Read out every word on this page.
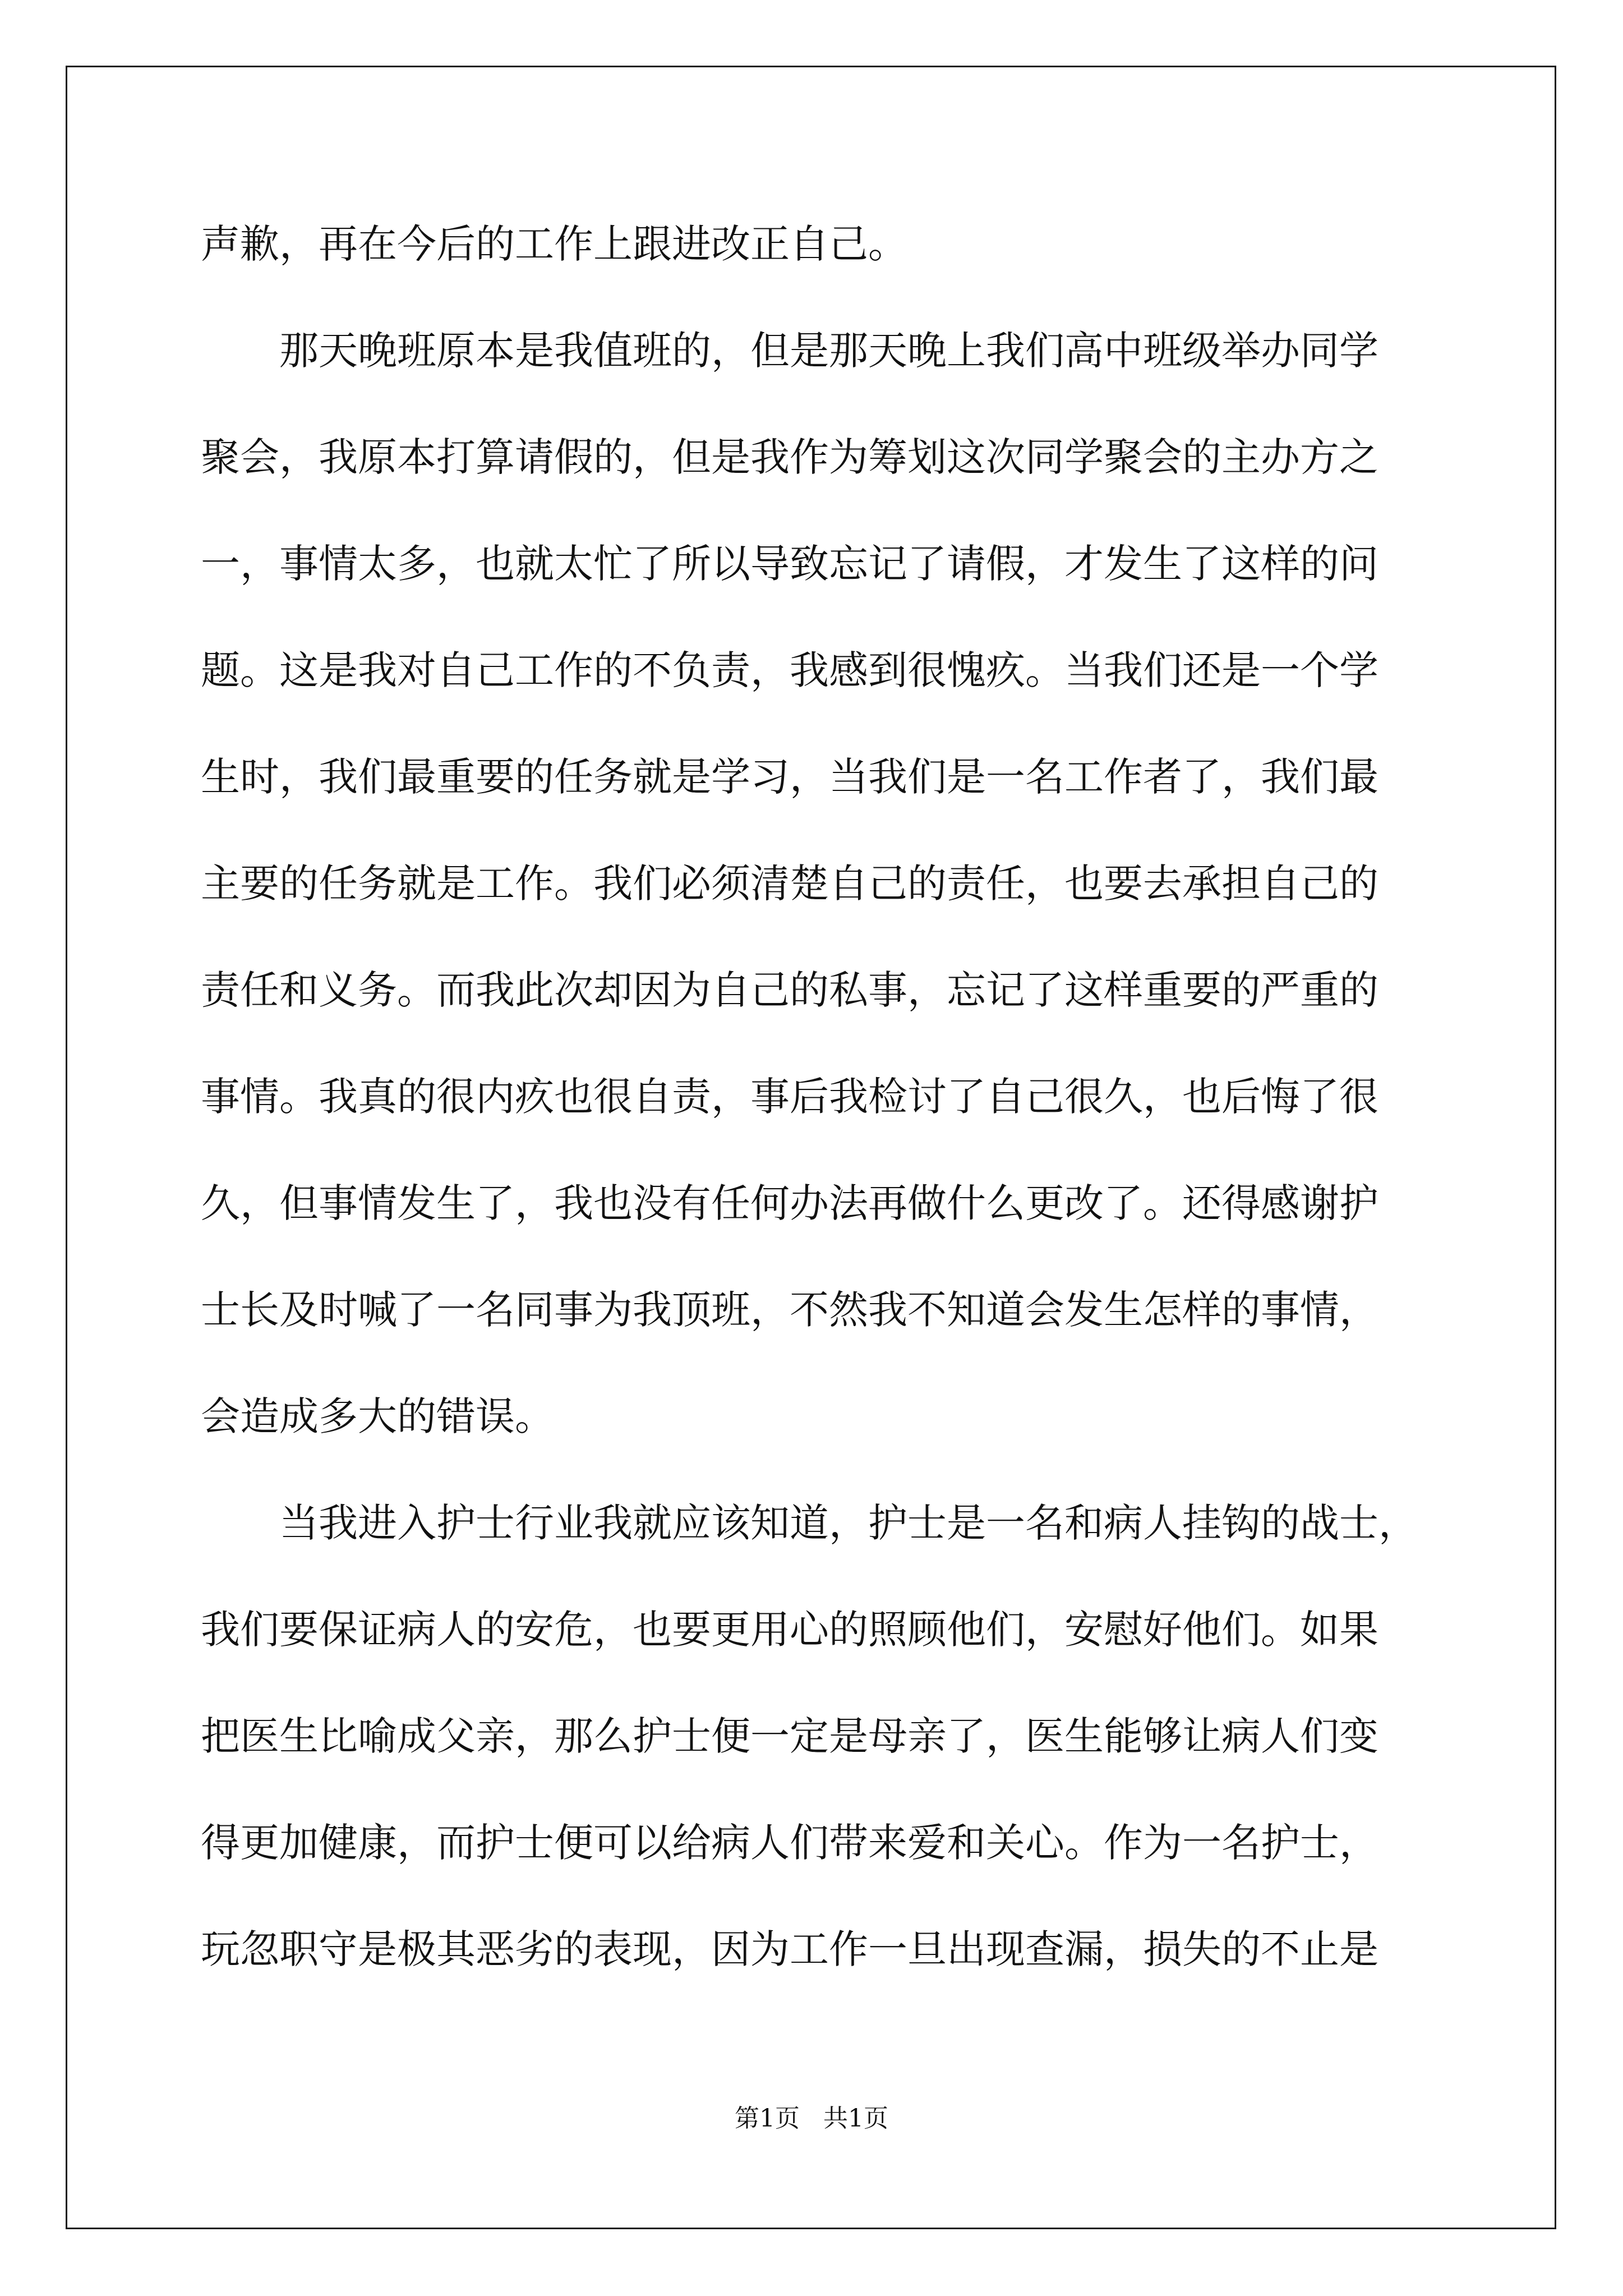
声歉，再在今后的工作上跟进改正自己。
　　那天晚班原本是我值班的，但是那天晚上我们高中班级举办同学
聚会，我原本打算请假的，但是我作为筹划这次同学聚会的主办方之
一，事情太多，也就太忙了所以导致忘记了请假，才发生了这样的问
题。这是我对自己工作的不负责，我感到很愧疚。当我们还是一个学
生时，我们最重要的任务就是学习，当我们是一名工作者了，我们最
主要的任务就是工作。我们必须清楚自己的责任，也要去承担自己的
责任和义务。而我此次却因为自己的私事，忘记了这样重要的严重的
事情。我真的很内疚也很自责，事后我检讨了自己很久，也后悔了很
久，但事情发生了，我也没有任何办法再做什么更改了。还得感谢护
士长及时喊了一名同事为我顶班，不然我不知道会发生怎样的事情，
会造成多大的错误。
　　当我进入护士行业我就应该知道，护士是一名和病人挂钩的战士，
我们要保证病人的安危，也要更用心的照顾他们，安慰好他们。如果
把医生比喻成父亲，那么护士便一定是母亲了，医生能够让病人们变
得更加健康，而护士便可以给病人们带来爱和关心。作为一名护士，
玩忽职守是极其恶劣的表现，因为工作一旦出现查漏，损失的不止是
第1页   共1页
